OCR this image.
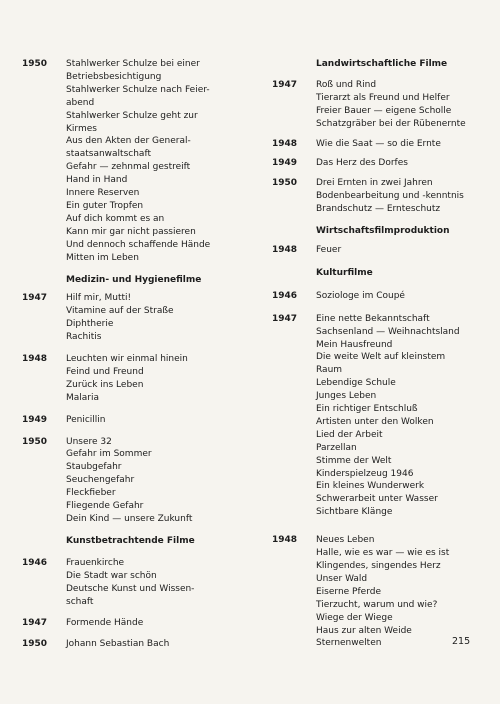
1950	Stahlwerker Schulze bei einer
Betriebsbesichtigung
Stahlwerker Schulze nach Feier-
abend
Stahlwerker Schulze geht zur
Kirmes
Aus den Akten der General-
staatsanwaltschaft
Gefahr — zehnmal gestreift
Hand in Hand
Innere Reserven
Ein guter Tropfen
Auf dich kommt es an
Kann mir gar nicht passieren
Und dennoch schaffende Hände
Mitten im Leben
Medizin- und Hygienefilme
1947	Hilf mir, Mutti!
Vitamine auf der Straße
Diphtherie
Rachitis
1948	Leuchten wir einmal hinein
Feind und Freund
Zurück ins Leben
Malaria
1949	Penicillin
1950	Unsere 32
Gefahr im Sommer
Staubgefahr
Seuchengefahr
Fleckfieber
Fliegende Gefahr
Dein Kind — unsere Zukunft
Kunstbetrachtende Filme
1946	Frauenkirche
Die Stadt war schön
Deutsche Kunst und Wissen-
schaft
1947	Formende Hände
1950	Johann Sebastian Bach
Landwirtschaftliche Filme
1947	Roß und Rind
Tierarzt als Freund und Helfer
Freier Bauer — eigene Scholle
Schatzgräber bei der Rübenernte
1948	Wie die Saat — so die Ernte
1949	Das Herz des Dorfes
1950	Drei Ernten in zwei Jahren
Bodenbearbeitung und -kenntnis
Brandschutz — Ernteschutz
Wirtschaftsfilmproduktion
1948	Feuer
Kulturfilme
1946	Soziologe im Coupé
1947	Eine nette Bekanntschaft
Sachsenland — Weihnachtsland
Mein Hausfreund
Die weite Welt auf kleinstem
Raum
Lebendige Schule
Junges Leben
Ein richtiger Entschluß
Artisten unter den Wolken
Lied der Arbeit
Parzellan
Stimme der Welt
Kinderspielzeug 1946
Ein kleines Wunderwerk
Schwerarbeit unter Wasser
Sichtbare Klänge
1948	Neues Leben
Halle, wie es war — wie es ist
Klingendes, singendes Herz
Unser Wald
Eiserne Pferde
Tierzucht, warum und wie?
Wiege der Wiege
Haus zur alten Weide
Sternenwelten	215
